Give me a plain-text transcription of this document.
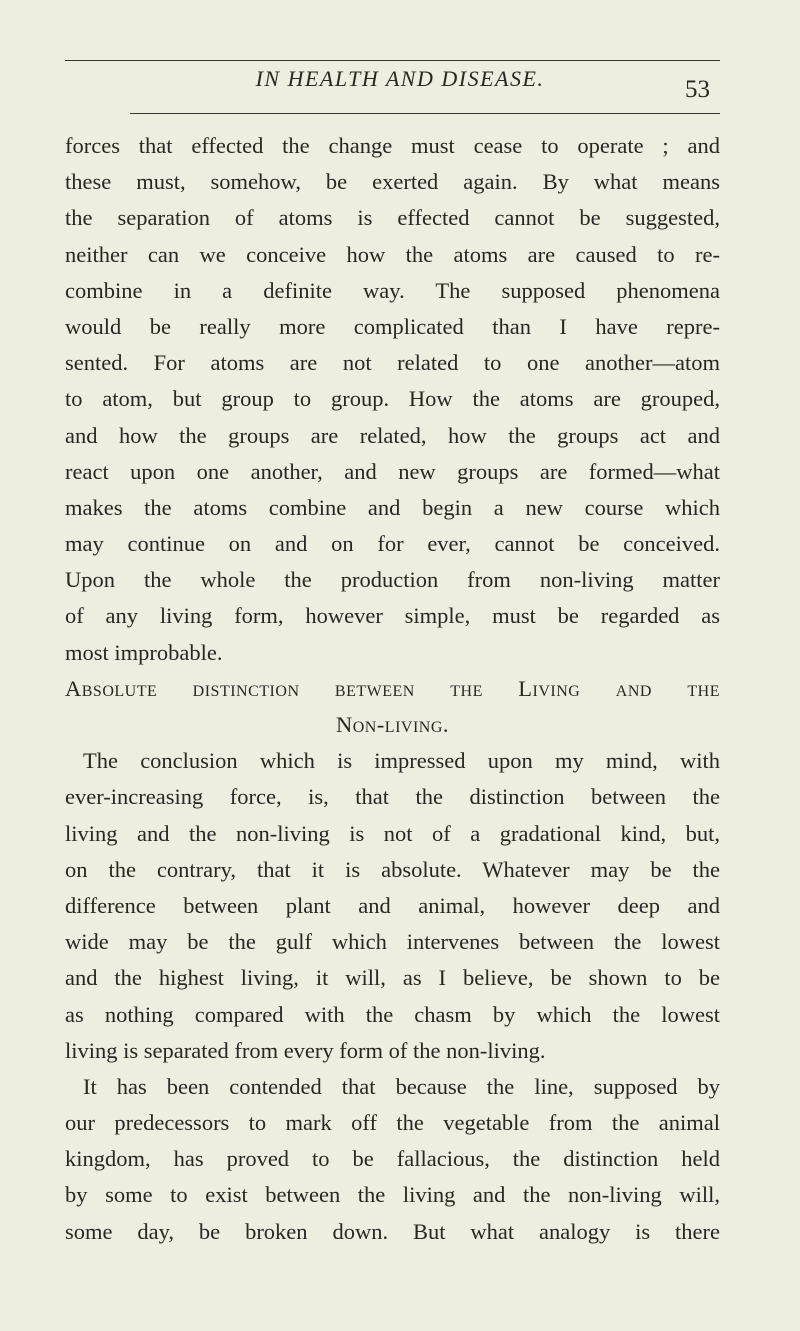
IN HEALTH AND DISEASE.	53
forces that effected the change must cease to operate ; and
these must, somehow, be exerted again. By what means
the separation of atoms is effected cannot be suggested,
neither can we conceive how the atoms are caused to re-
combine in a definite way. The supposed phenomena
would be really more complicated than I have repre-
sented. For atoms are not related to one another—atom
to atom, but group to group. How the atoms are grouped,
and how the groups are related, how the groups act and
react upon one another, and new groups are formed—what
makes the atoms combine and begin a new course which
may continue on and on for ever, cannot be conceived.
Upon the whole the production from non-living matter
of any living form, however simple, must be regarded as
most improbable.
Absolute distinction between the Living and the
Non-living.
The conclusion which is impressed upon my mind, with
ever-increasing force, is, that the distinction between the
living and the non-living is not of a gradational kind, but,
on the contrary, that it is absolute. Whatever may be the
difference between plant and animal, however deep and
wide may be the gulf which intervenes between the lowest
and the highest living, it will, as I believe, be shown to be
as nothing compared with the chasm by which the lowest
living is separated from every form of the non-living.
It has been contended that because the line, supposed by
our predecessors to mark off the vegetable from the animal
kingdom, has proved to be fallacious, the distinction held
by some to exist between the living and the non-living will,
some day, be broken down. But what analogy is there
